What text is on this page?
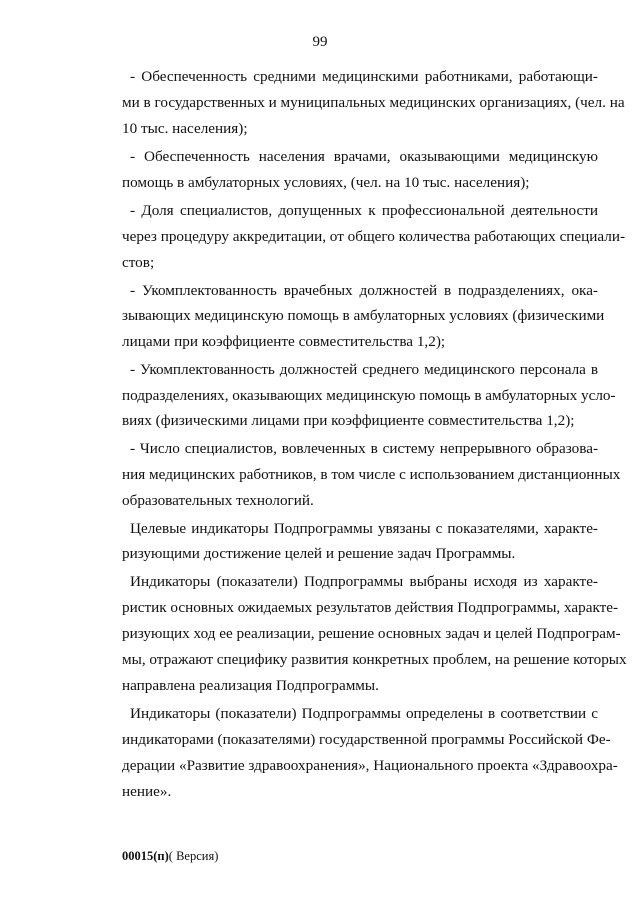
99
- Обеспеченность средними медицинскими работниками, работающи-
ми в государственных и муниципальных медицинских организациях, (чел. на
10 тыс. населения);
- Обеспеченность населения врачами, оказывающими медицинскую
помощь в амбулаторных условиях, (чел. на 10 тыс. населения);
- Доля специалистов, допущенных к профессиональной деятельности
через процедуру аккредитации, от общего количества работающих специали-
стов;
- Укомплектованность врачебных должностей в подразделениях, ока-
зывающих медицинскую помощь в амбулаторных условиях (физическими
лицами при коэффициенте совместительства 1,2);
- Укомплектованность должностей среднего медицинского персонала в
подразделениях, оказывающих медицинскую помощь в амбулаторных усло-
виях (физическими лицами при коэффициенте совместительства 1,2);
- Число специалистов, вовлеченных в систему непрерывного образова-
ния медицинских работников, в том числе с использованием дистанционных
образовательных технологий.
Целевые индикаторы Подпрограммы увязаны с показателями, характе-
ризующими достижение целей и решение задач Программы.
Индикаторы (показатели) Подпрограммы выбраны исходя из характе-
ристик основных ожидаемых результатов действия Подпрограммы, характе-
ризующих ход ее реализации, решение основных задач и целей Подпрограм-
мы, отражают специфику развития конкретных проблем, на решение которых
направлена реализация Подпрограммы.
Индикаторы (показатели) Подпрограммы определены в соответствии с
индикаторами (показателями) государственной программы Российской Фе-
дерации «Развитие здравоохранения», Национального проекта «Здравоохра-
нение».
00015(п)( Версия)
